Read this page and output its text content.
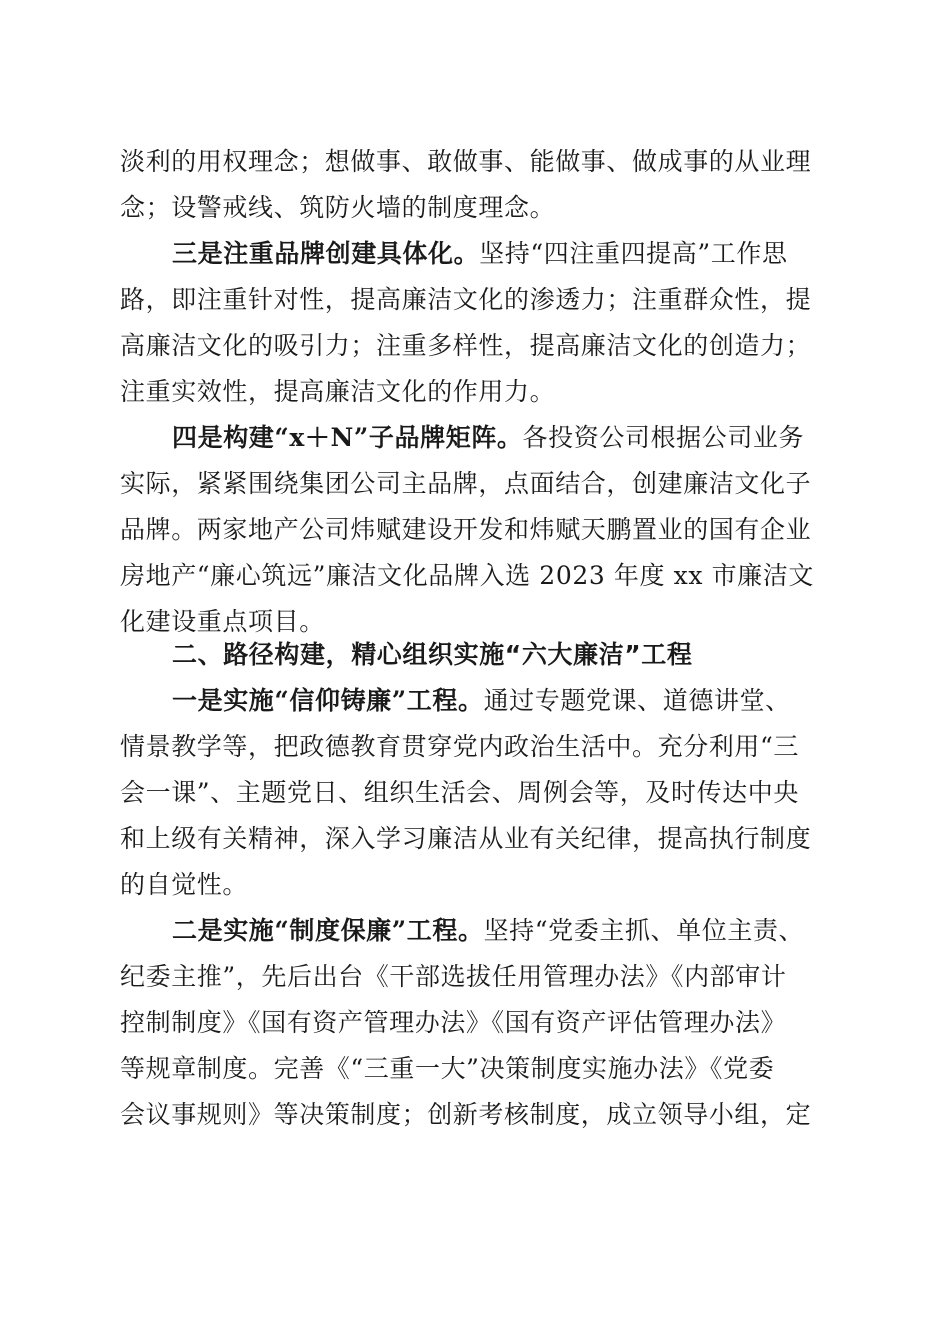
淡利的用权理念；想做事、敢做事、能做事、做成事的从业理
念；设警戒线、筑防火墙的制度理念。
三是注重品牌创建具体化。坚持“四注重四提高”工作思
路，即注重针对性，提高廉洁文化的渗透力；注重群众性，提
高廉洁文化的吸引力；注重多样性，提高廉洁文化的创造力；
注重实效性，提高廉洁文化的作用力。
四是构建“x＋N”子品牌矩阵。各投资公司根据公司业务
实际，紧紧围绕集团公司主品牌，点面结合，创建廉洁文化子
品牌。两家地产公司炜赋建设开发和炜赋天鹏置业的国有企业
房地产“廉心筑远”廉洁文化品牌入选 2023 年度 xx 市廉洁文
化建设重点项目。
二、路径构建，精心组织实施“六大廉洁”工程
一是实施“信仰铸廉”工程。通过专题党课、道德讲堂、
情景教学等，把政德教育贯穿党内政治生活中。充分利用“三
会一课”、主题党日、组织生活会、周例会等，及时传达中央
和上级有关精神，深入学习廉洁从业有关纪律，提高执行制度
的自觉性。
二是实施“制度保廉”工程。坚持“党委主抓、单位主责、
纪委主推”，先后出台《干部选拔任用管理办法》《内部审计
控制制度》《国有资产管理办法》《国有资产评估管理办法》
等规章制度。完善《“三重一大”决策制度实施办法》《党委
会议事规则》等决策制度；创新考核制度，成立领导小组，定
